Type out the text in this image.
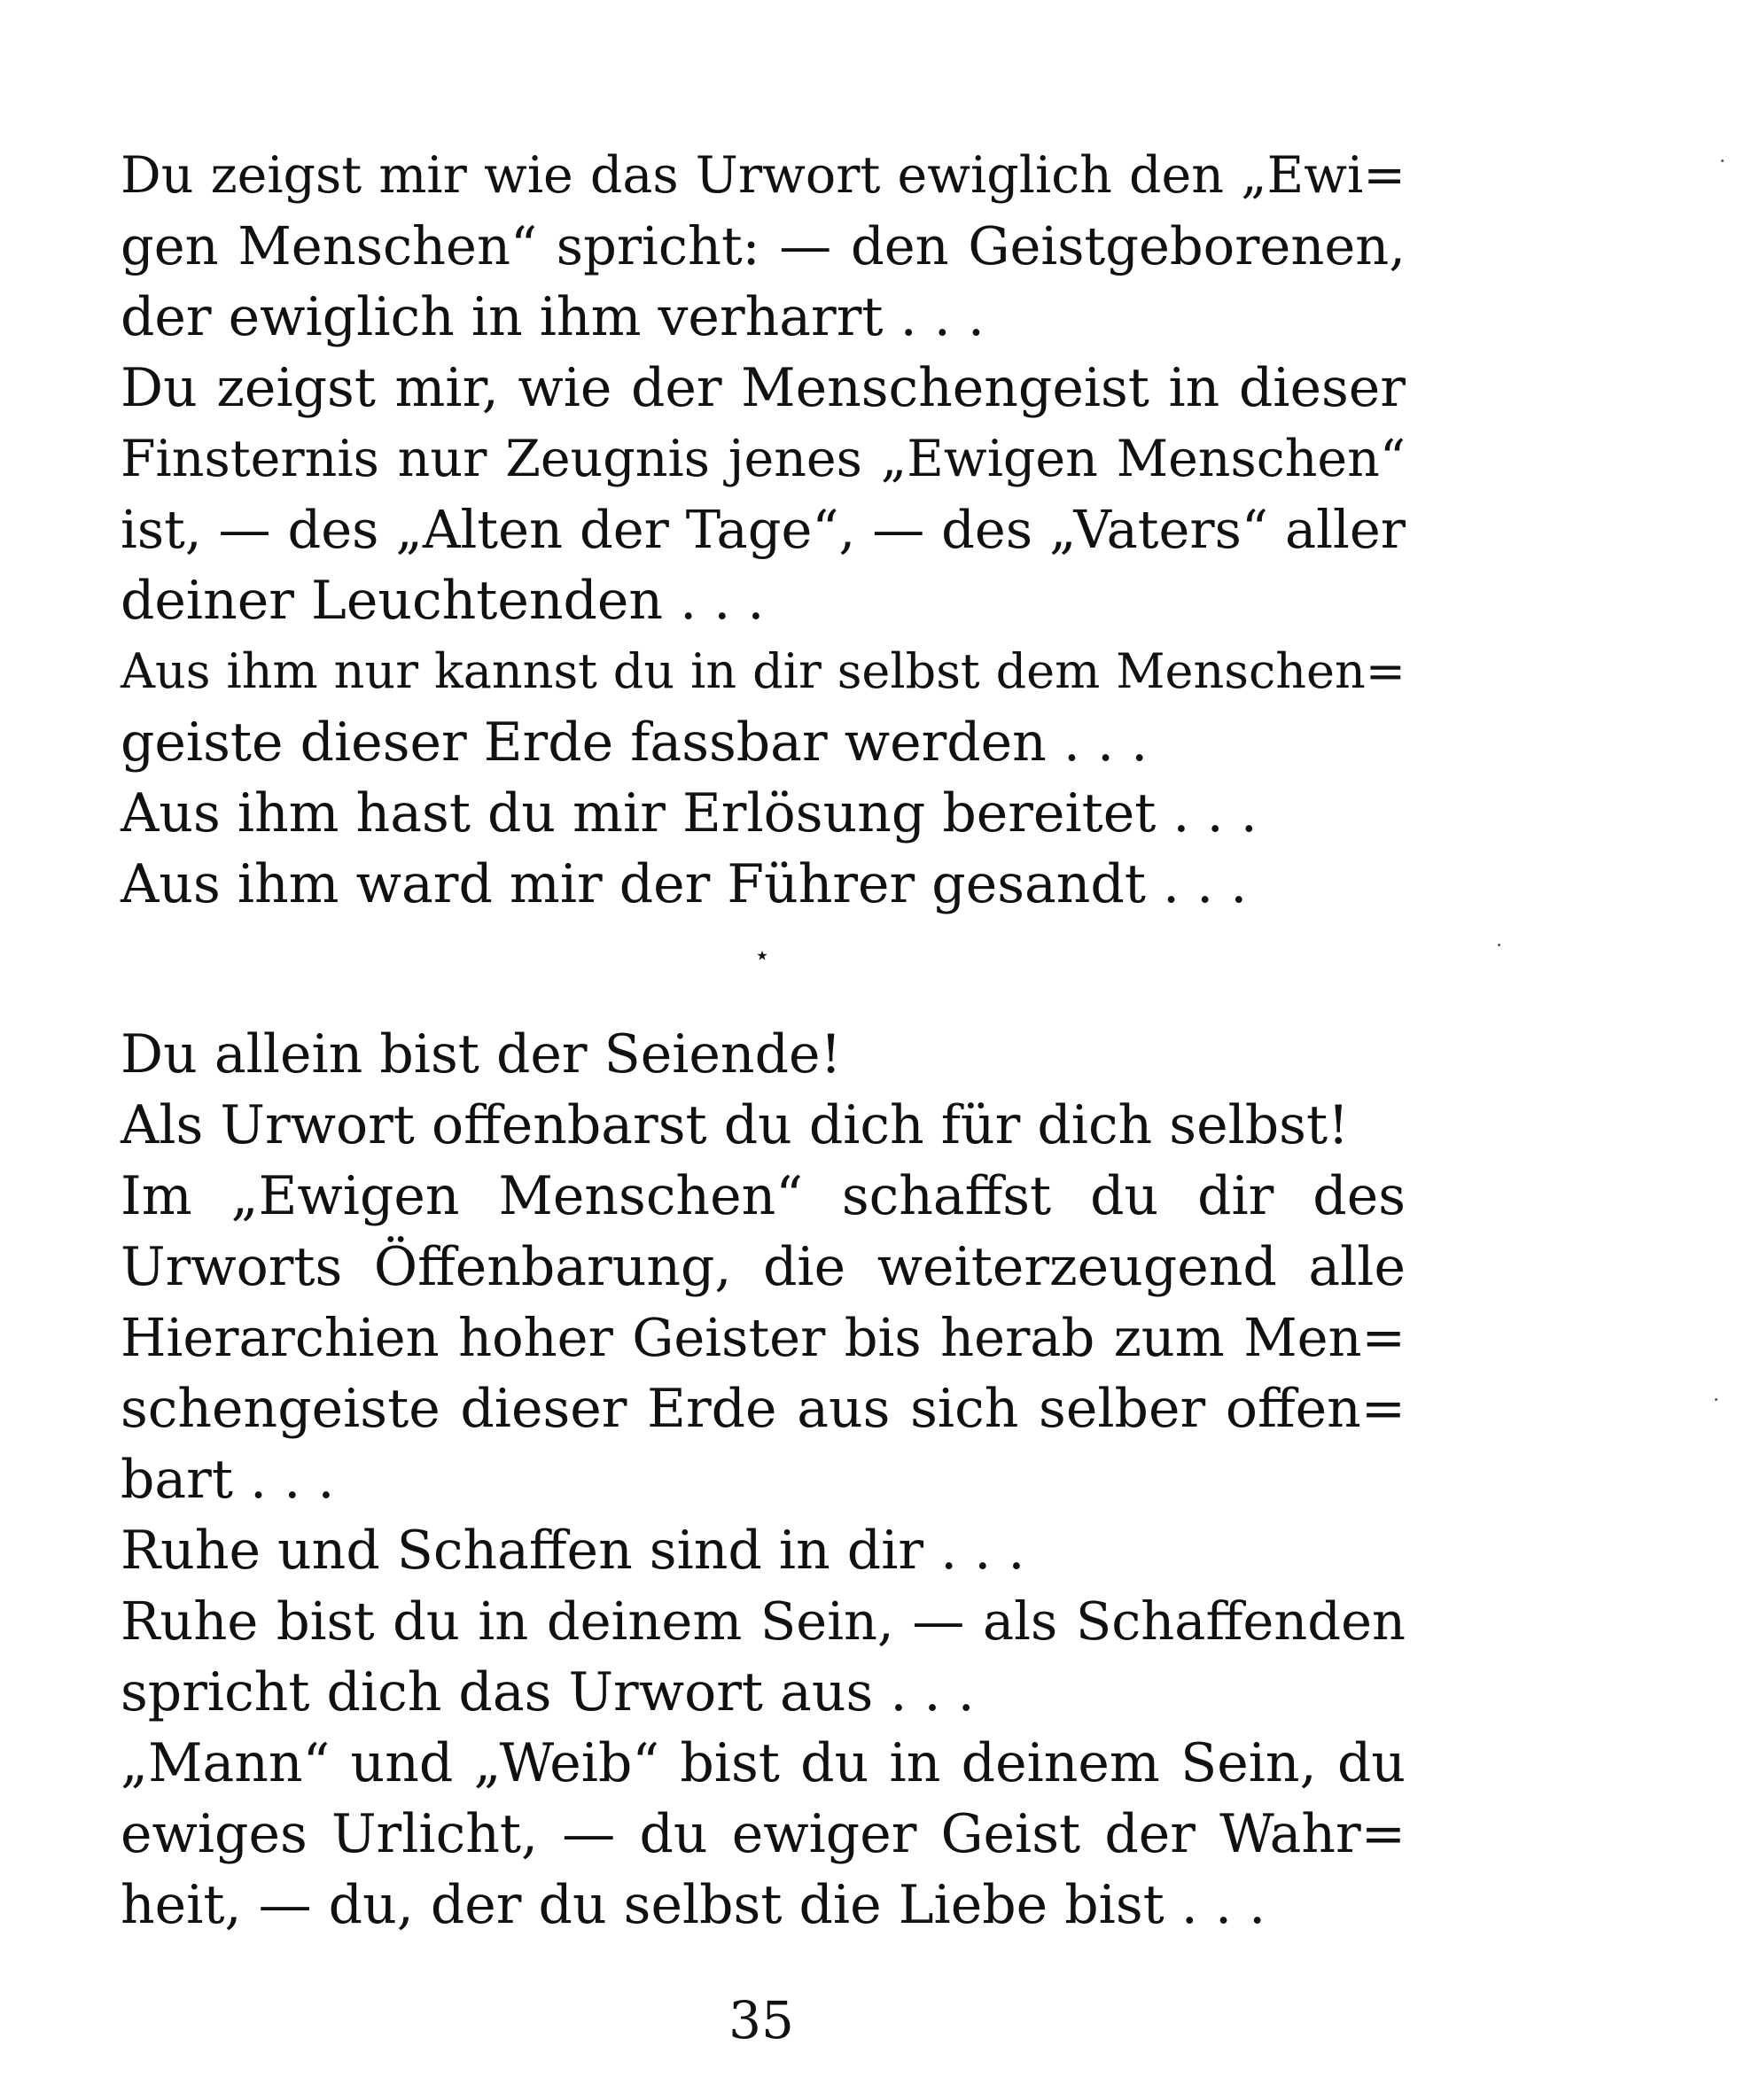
Du zeigst mir wie das Urwort ewiglich den „Ewi=
gen Menschen“ spricht: — den Geistgeborenen,
der ewiglich in ihm verharrt . . .
Du zeigst mir, wie der Menschengeist in dieser
Finsternis nur Zeugnis jenes „Ewigen Menschen“
ist, — des „Alten der Tage“, — des „Vaters“ aller
deiner Leuchtenden . . .
Aus ihm nur kannst du in dir selbst dem Menschen=
geiste dieser Erde fassbar werden . . .
Aus ihm hast du mir Erlösung bereitet . . .
Aus ihm ward mir der Führer gesandt . . .
Du allein bist der Seiende!
Als Urwort offenbarst du dich für dich selbst!
Im „Ewigen Menschen“ schaffst du dir des
Urworts Öffenbarung, die weiterzeugend alle
Hierarchien hoher Geister bis herab zum Men=
schengeiste dieser Erde aus sich selber offen=
bart . . .
Ruhe und Schaffen sind in dir . . .
Ruhe bist du in deinem Sein, — als Schaffenden
spricht dich das Urwort aus . . .
„Mann“ und „Weib“ bist du in deinem Sein, du
ewiges Urlicht, — du ewiger Geist der Wahr=
heit, — du, der du selbst die Liebe bist . . .
⋆
35
